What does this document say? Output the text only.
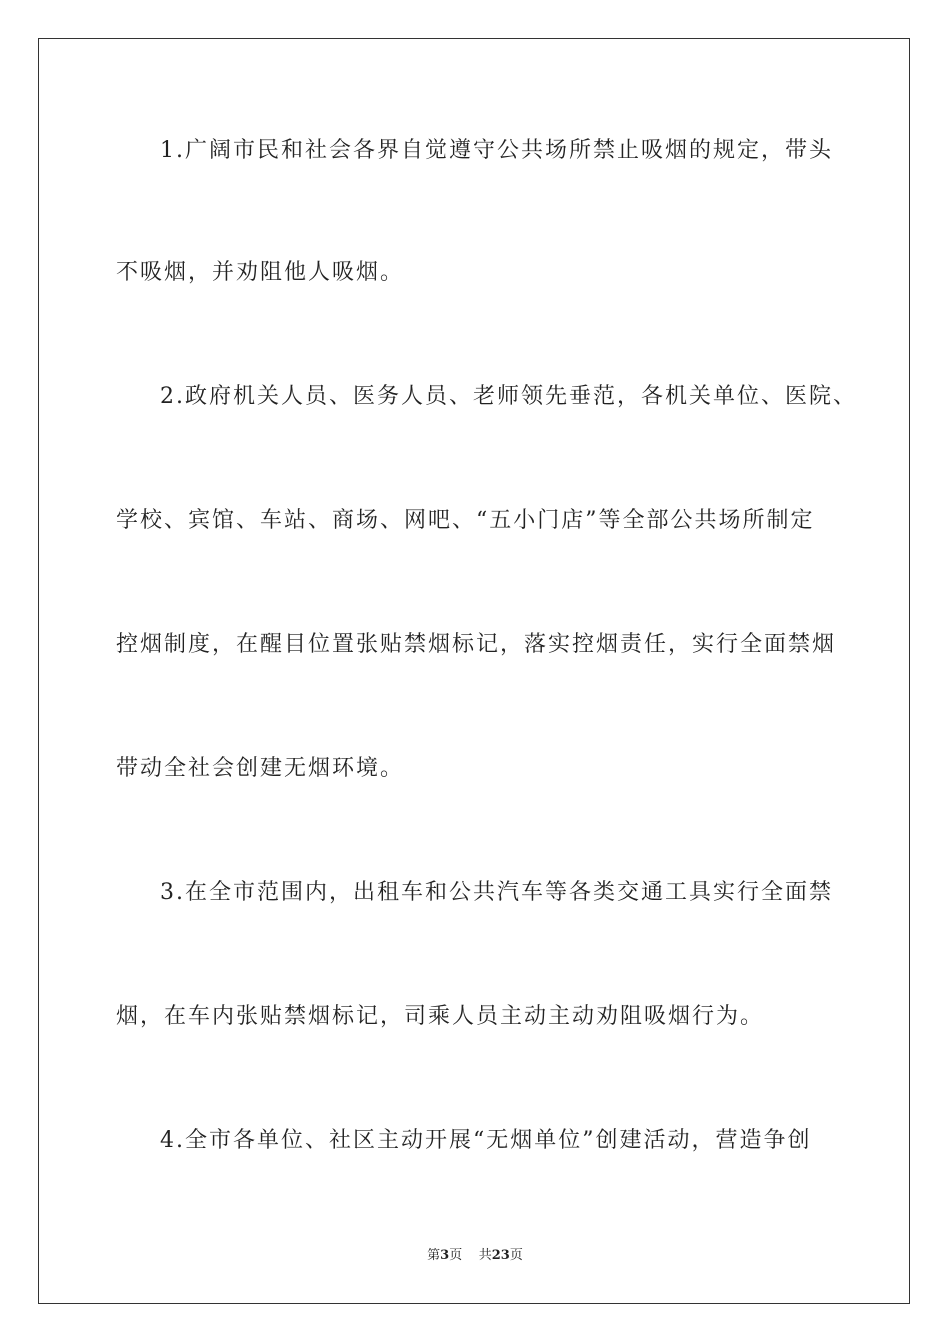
1.广阔市民和社会各界自觉遵守公共场所禁止吸烟的规定，带头
不吸烟，并劝阻他人吸烟。
2.政府机关人员、医务人员、老师领先垂范，各机关单位、医院、
学校、宾馆、车站、商场、网吧、“五小门店”等全部公共场所制定
控烟制度，在醒目位置张贴禁烟标记，落实控烟责任，实行全面禁烟
带动全社会创建无烟环境。
3.在全市范围内，出租车和公共汽车等各类交通工具实行全面禁
烟，在车内张贴禁烟标记，司乘人员主动主动劝阻吸烟行为。
4.全市各单位、社区主动开展“无烟单位”创建活动，营造争创
第3页 共23页
